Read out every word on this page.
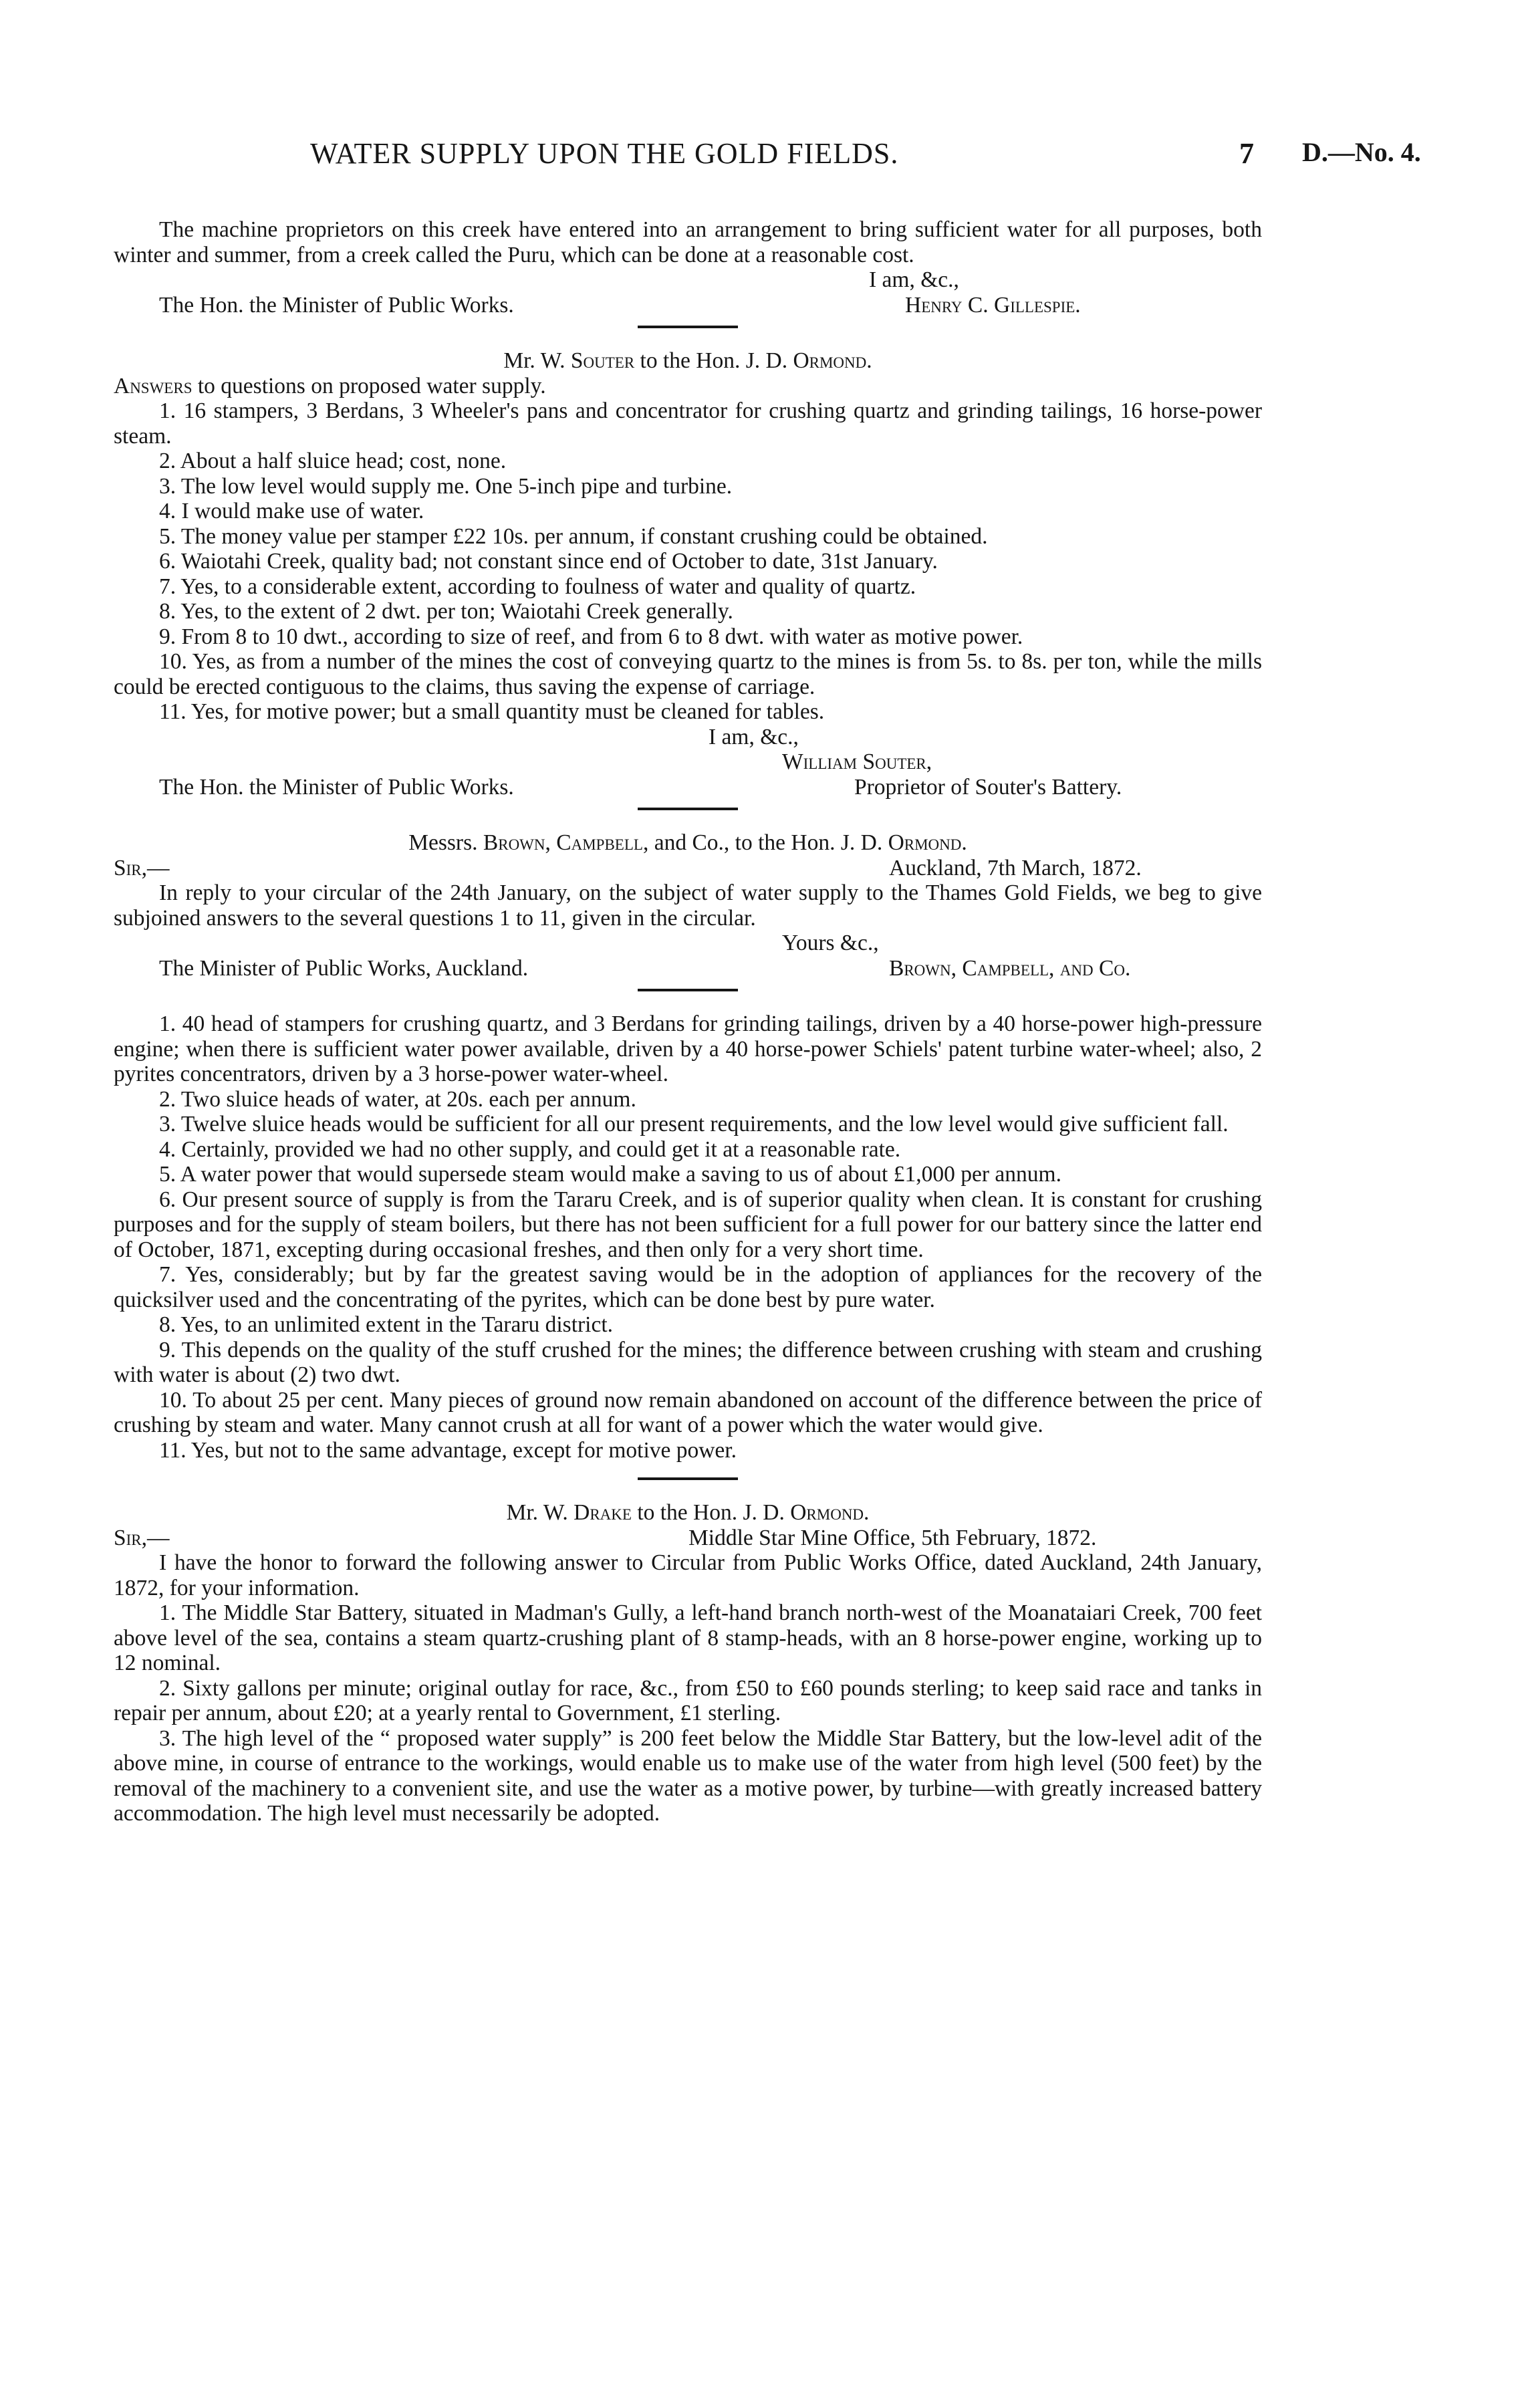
WATER SUPPLY UPON THE GOLD FIELDS.	7 D.—No. 4.

The machine proprietors on this creek have entered into an arrangement to bring sufficient water for all purposes, both winter and summer, from a creek called the Puru, which can be done at a reasonable cost.

I am, &c.,
The Hon. the Minister of Public Works.	Henry C. Gillespie.

Mr. W. Souter to the Hon. J. D. Ormond.

Answers to questions on proposed water supply.

1. 16 stampers, 3 Berdans, 3 Wheeler's pans and concentrator for crushing quartz and grinding tailings, 16 horse-power steam.

2. About a half sluice head; cost, none.

3. The low level would supply me. One 5-inch pipe and turbine.

4. I would make use of water.

5. The money value per stamper £22 10s. per annum, if constant crushing could be obtained.

6. Waiotahi Creek, quality bad; not constant since end of October to date, 31st January.

7. Yes, to a considerable extent, according to foulness of water and quality of quartz.

8. Yes, to the extent of 2 dwt. per ton; Waiotahi Creek generally.

9. From 8 to 10 dwt., according to size of reef, and from 6 to 8 dwt. with water as motive power.

10. Yes, as from a number of the mines the cost of conveying quartz to the mines is from 5s. to 8s. per ton, while the mills could be erected contiguous to the claims, thus saving the expense of carriage.

11. Yes, for motive power; but a small quantity must be cleaned for tables.

I am, &c.,
William Souter,
The Hon. the Minister of Public Works.	Proprietor of Souter's Battery.

Messrs. Brown, Campbell, and Co., to the Hon. J. D. Ormond.

Sir,—	Auckland, 7th March, 1872.

In reply to your circular of the 24th January, on the subject of water supply to the Thames Gold Fields, we beg to give subjoined answers to the several questions 1 to 11, given in the circular.

Yours &c.,
The Minister of Public Works, Auckland.	Brown, Campbell, and Co.

1. 40 head of stampers for crushing quartz, and 3 Berdans for grinding tailings, driven by a 40 horse-power high-pressure engine; when there is sufficient water power available, driven by a 40 horse-power Schiels' patent turbine water-wheel; also, 2 pyrites concentrators, driven by a 3 horse-power water-wheel.

2. Two sluice heads of water, at 20s. each per annum.

3. Twelve sluice heads would be sufficient for all our present requirements, and the low level would give sufficient fall.

4. Certainly, provided we had no other supply, and could get it at a reasonable rate.

5. A water power that would supersede steam would make a saving to us of about £1,000 per annum.

6. Our present source of supply is from the Tararu Creek, and is of superior quality when clean. It is constant for crushing purposes and for the supply of steam boilers, but there has not been sufficient for a full power for our battery since the latter end of October, 1871, excepting during occasional freshes, and then only for a very short time.

7. Yes, considerably; but by far the greatest saving would be in the adoption of appliances for the recovery of the quicksilver used and the concentrating of the pyrites, which can be done best by pure water.

8. Yes, to an unlimited extent in the Tararu district.

9. This depends on the quality of the stuff crushed for the mines; the difference between crushing with steam and crushing with water is about (2) two dwt.

10. To about 25 per cent. Many pieces of ground now remain abandoned on account of the difference between the price of crushing by steam and water. Many cannot crush at all for want of a power which the water would give.

11. Yes, but not to the same advantage, except for motive power.

Mr. W. Drake to the Hon. J. D. Ormond.

Sir,—	Middle Star Mine Office, 5th February, 1872.

I have the honor to forward the following answer to Circular from Public Works Office, dated Auckland, 24th January, 1872, for your information.

1. The Middle Star Battery, situated in Madman's Gully, a left-hand branch north-west of the Moanataiari Creek, 700 feet above level of the sea, contains a steam quartz-crushing plant of 8 stamp-heads, with an 8 horse-power engine, working up to 12 nominal.

2. Sixty gallons per minute; original outlay for race, &c., from £50 to £60 pounds sterling; to keep said race and tanks in repair per annum, about £20; at a yearly rental to Government, £1 sterling.

3. The high level of the “ proposed water supply” is 200 feet below the Middle Star Battery, but the low-level adit of the above mine, in course of entrance to the workings, would enable us to make use of the water from high level (500 feet) by the removal of the machinery to a convenient site, and use the water as a motive power, by turbine—with greatly increased battery accommodation. The high level must necessarily be adopted.
